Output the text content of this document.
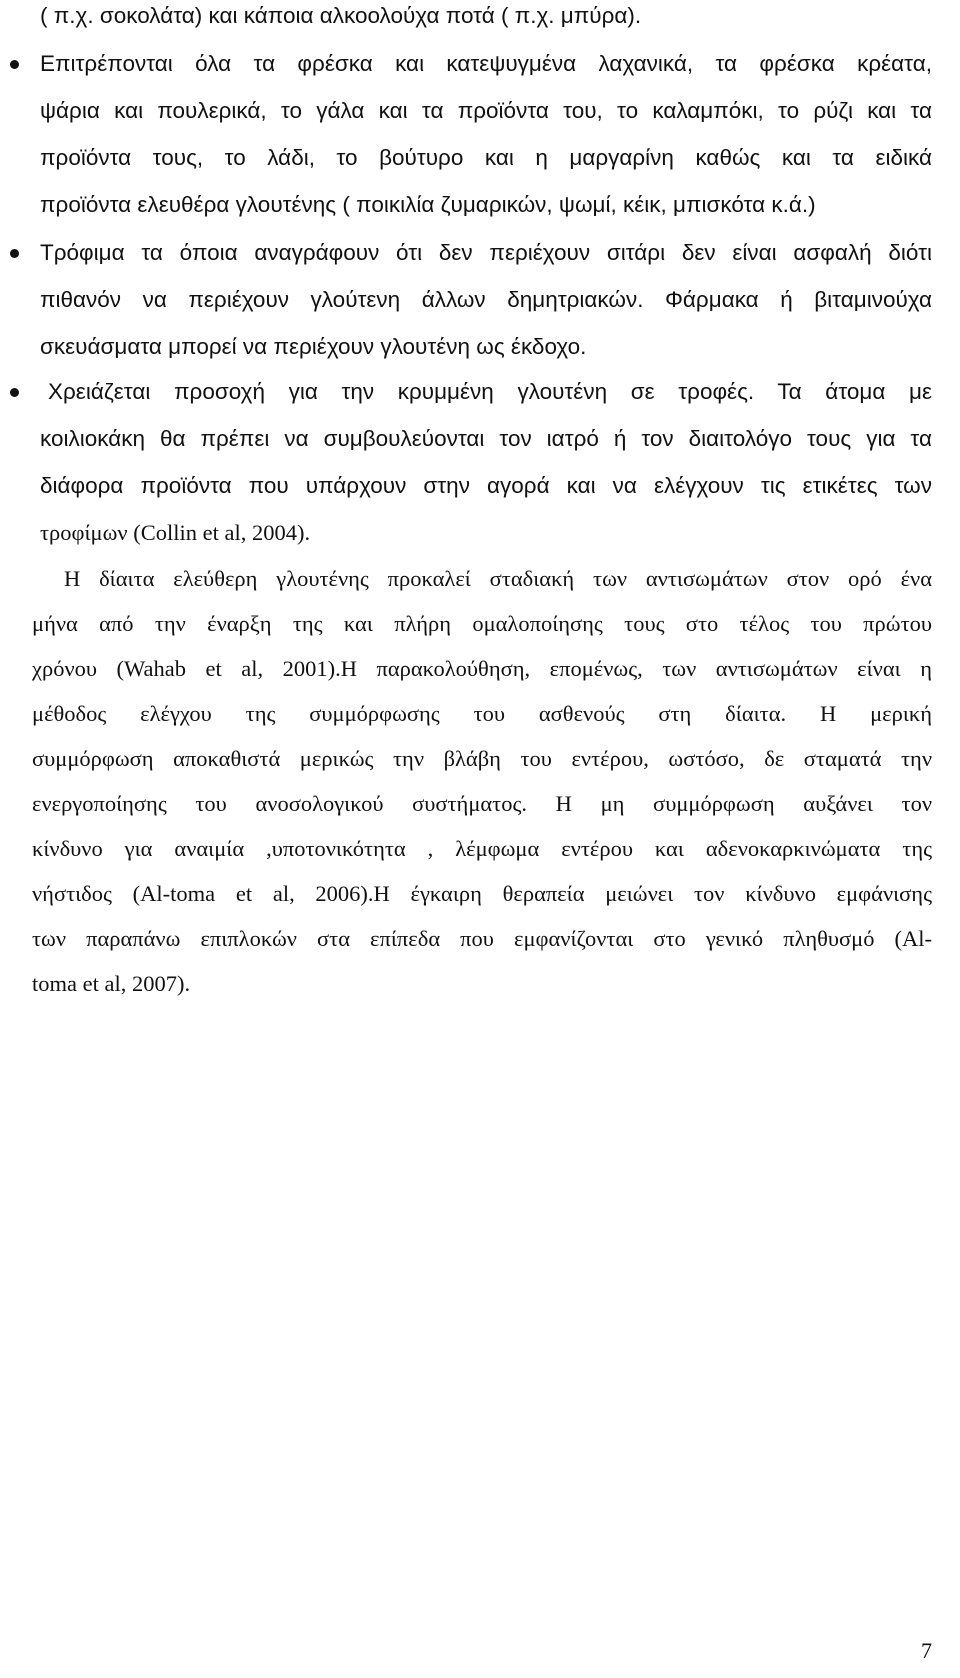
( π.χ. σοκολάτα) και κάποια αλκοολούχα ποτά ( π.χ. μπύρα).
Επιτρέπονται όλα τα φρέσκα και κατεψυγμένα λαχανικά, τα φρέσκα κρέατα,
ψάρια και πουλερικά, το γάλα και τα προϊόντα του, το καλαμπόκι, το ρύζι και τα
προϊόντα τους, το λάδι, το βούτυρο και η μαργαρίνη καθώς και τα ειδικά
προϊόντα ελευθέρα γλουτένης ( ποικιλία ζυμαρικών, ψωμί, κέικ, μπισκότα κ.ά.)
Τρόφιμα τα όποια αναγράφουν ότι δεν περιέχουν σιτάρι δεν είναι ασφαλή διότι
πιθανόν να περιέχουν γλούτενη άλλων δημητριακών. Φάρμακα ή βιταμινούχα
σκευάσματα μπορεί να περιέχουν γλουτένη ως έκδοχο.
Χρειάζεται προσοχή για την κρυμμένη γλουτένη σε τροφές. Τα άτομα με
κοιλιοκάκη θα πρέπει να συμβουλεύονται τον ιατρό ή τον διαιτολόγο τους για τα
διάφορα προϊόντα που υπάρχουν στην αγορά και να ελέγχουν τις ετικέτες των
τροφίμων (Collin et al, 2004).
Η δίαιτα ελεύθερη γλουτένης προκαλεί σταδιακή των αντισωμάτων στον ορό ένα
μήνα από την έναρξη της και πλήρη ομαλοποίησης τους στο τέλος του πρώτου
χρόνου (Wahab et al, 2001).Η παρακολούθηση, επομένως, των αντισωμάτων είναι η
μέθοδος ελέγχου της συμμόρφωσης του ασθενούς στη δίαιτα. Η μερική
συμμόρφωση αποκαθιστά μερικώς την βλάβη του εντέρου, ωστόσο, δε σταματά την
ενεργοποίησης του ανοσολογικού συστήματος. Η μη συμμόρφωση αυξάνει τον
κίνδυνο για αναιμία ,υποτονικότητα , λέμφωμα εντέρου και αδενοκαρκινώματα της
νήστιδος (Al-toma et al, 2006).Η έγκαιρη θεραπεία μειώνει τον κίνδυνο εμφάνισης
των παραπάνω επιπλοκών στα επίπεδα που εμφανίζονται στο γενικό πληθυσμό (Al-
toma et al, 2007).
7
